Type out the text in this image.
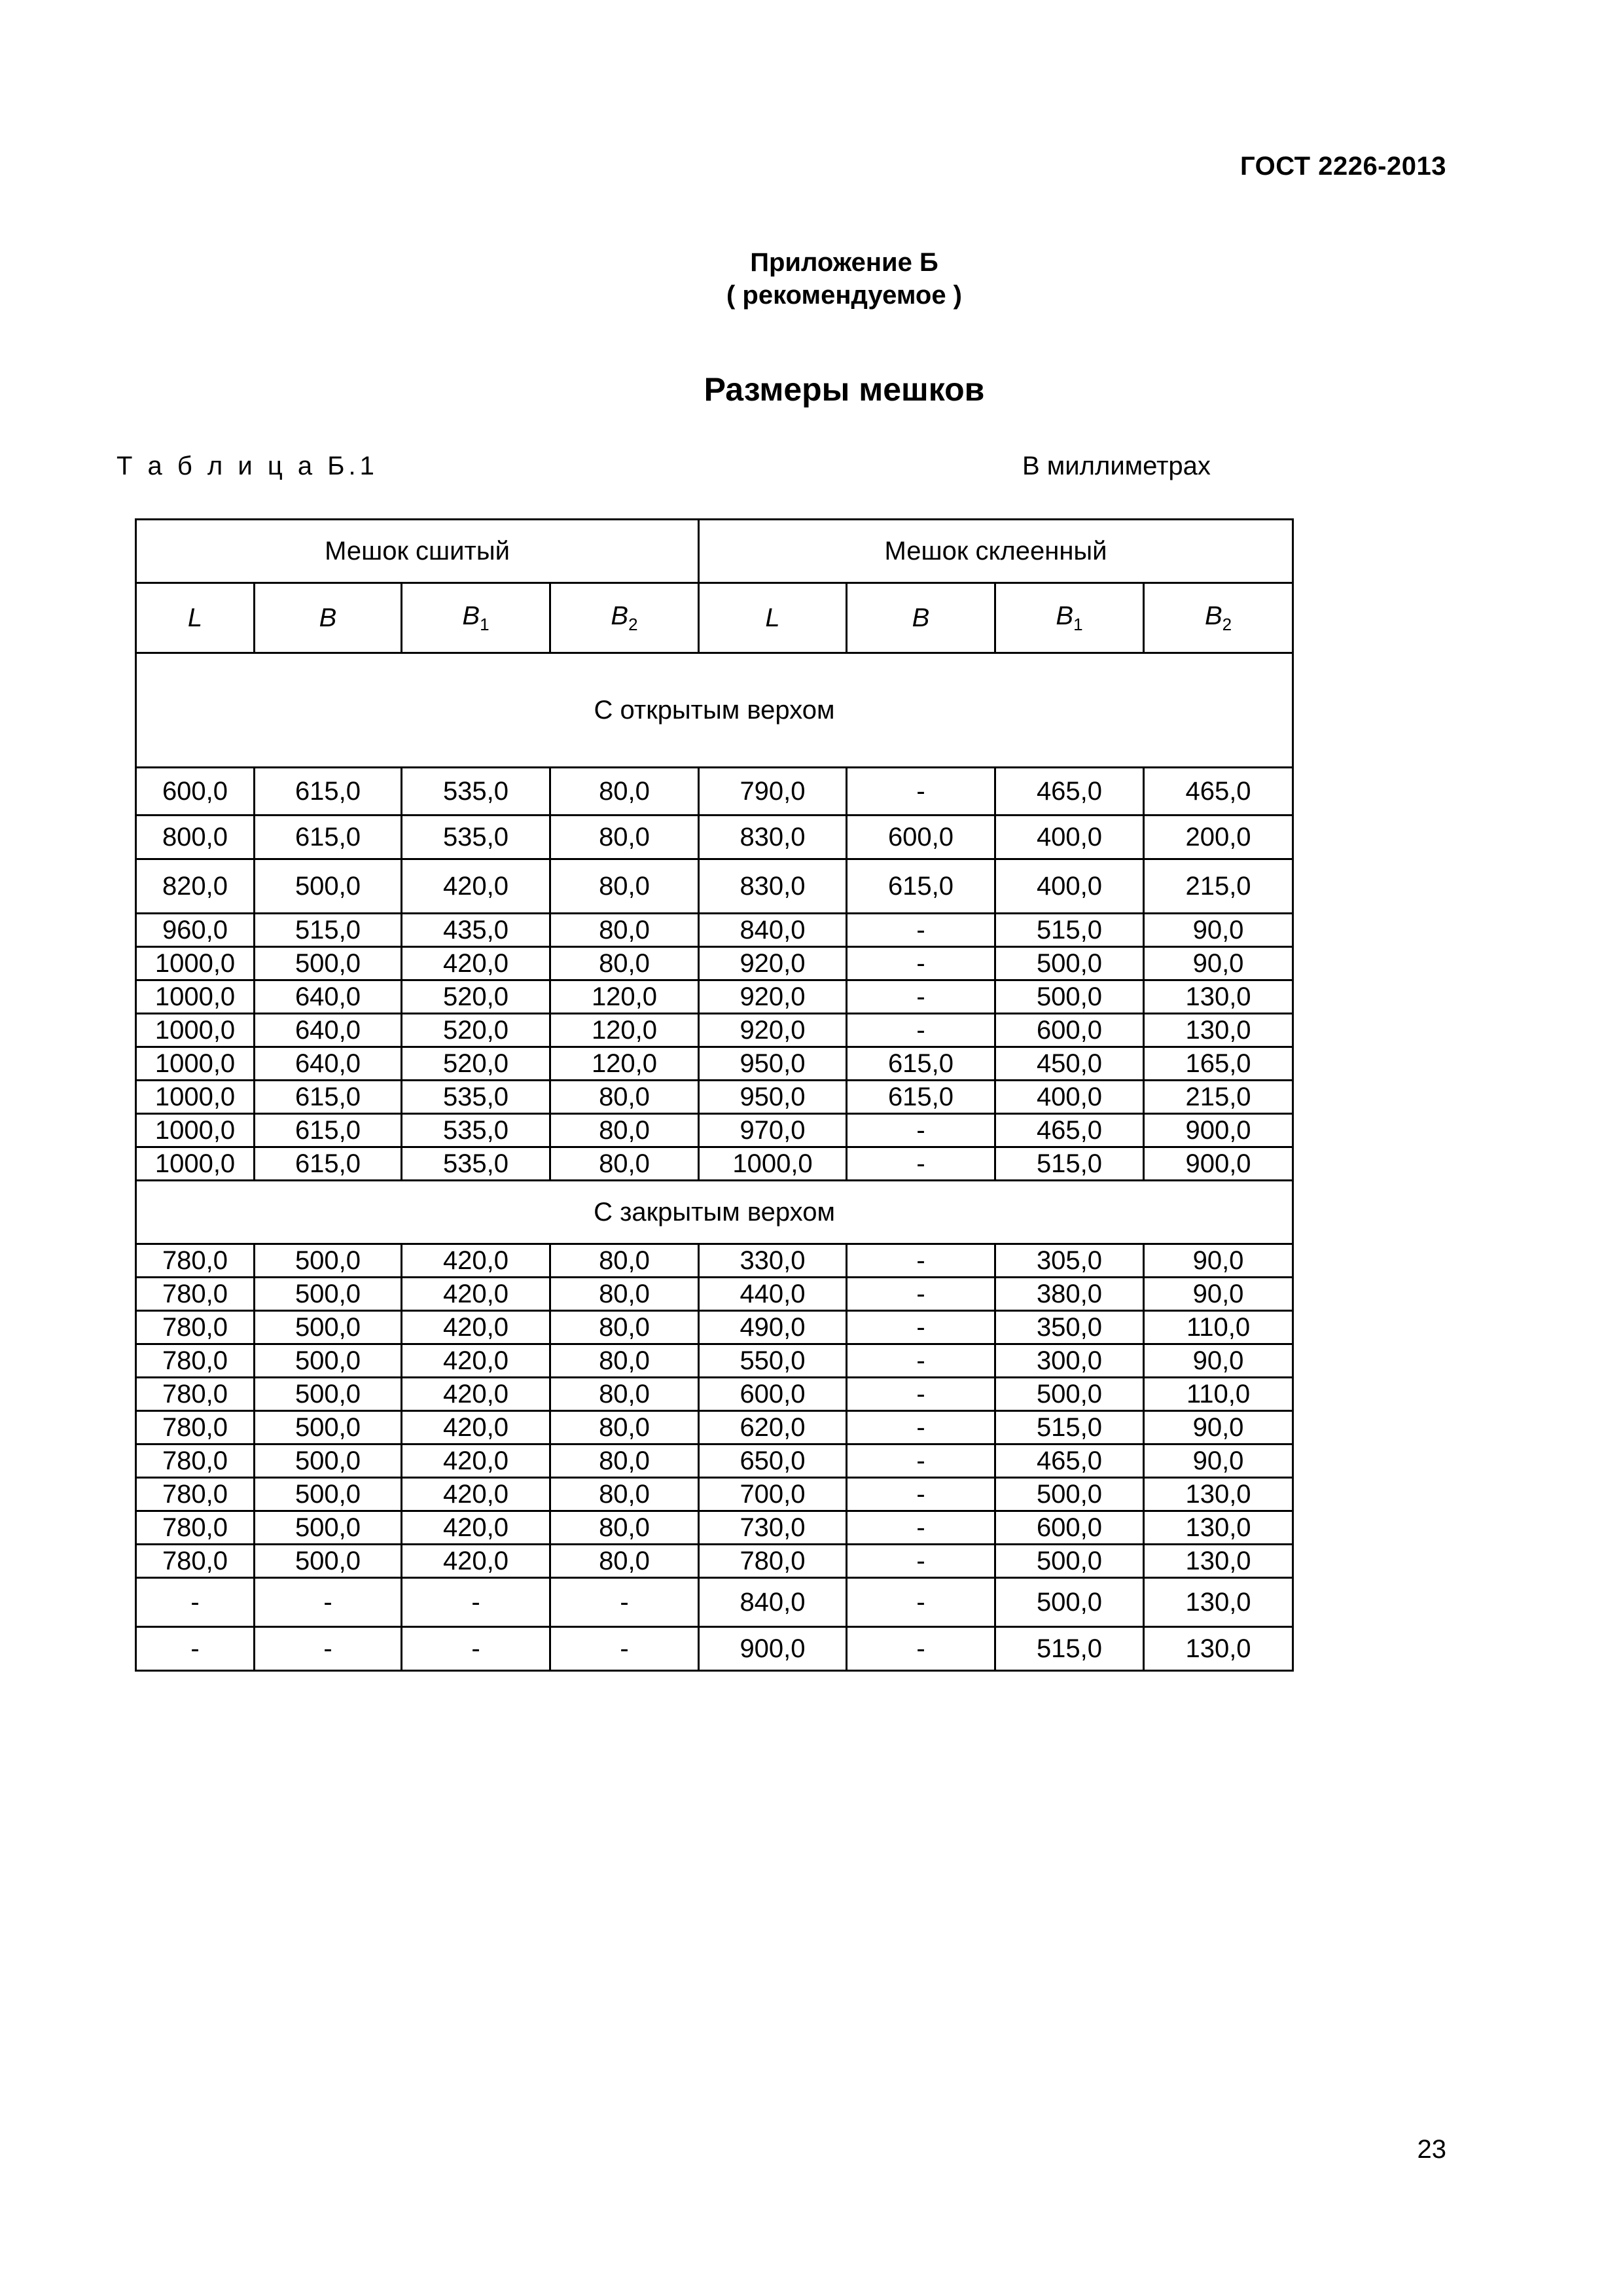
ГОСТ 2226-2013
Приложение Б
( рекомендуемое )
Размеры мешков
Т а б л и ц а Б.1	В миллиметрах
Мешок сшитый				Мешок склеенный			
L	B	$B_1$	$B_2$	L	B	$B_1$	$B_2$
С открытым верхом							
600,0	615,0	535,0	80,0	790,0	-	465,0	465,0
800,0	615,0	535,0	80,0	830,0	600,0	400,0	200,0
820,0	500,0	420,0	80,0	830,0	615,0	400,0	215,0
960,0	515,0	435,0	80,0	840,0	-	515,0	90,0
1000,0	500,0	420,0	80,0	920,0	-	500,0	90,0
1000,0	640,0	520,0	120,0	920,0	-	500,0	130,0
1000,0	640,0	520,0	120,0	920,0	-	600,0	130,0
1000,0	640,0	520,0	120,0	950,0	615,0	450,0	165,0
1000,0	615,0	535,0	80,0	950,0	615,0	400,0	215,0
1000,0	615,0	535,0	80,0	970,0	-	465,0	900,0
1000,0	615,0	535,0	80,0	1000,0	-	515,0	900,0
С закрытым верхом							
780,0	500,0	420,0	80,0	330,0	-	305,0	90,0
780,0	500,0	420,0	80,0	440,0	-	380,0	90,0
780,0	500,0	420,0	80,0	490,0	-	350,0	110,0
780,0	500,0	420,0	80,0	550,0	-	300,0	90,0
780,0	500,0	420,0	80,0	600,0	-	500,0	110,0
780,0	500,0	420,0	80,0	620,0	-	515,0	90,0
780,0	500,0	420,0	80,0	650,0	-	465,0	90,0
780,0	500,0	420,0	80,0	700,0	-	500,0	130,0
780,0	500,0	420,0	80,0	730,0	-	600,0	130,0
780,0	500,0	420,0	80,0	780,0	-	500,0	130,0
-	-	-	-	840,0	-	500,0	130,0
-	-	-	-	900,0	-	515,0	130,0
23
